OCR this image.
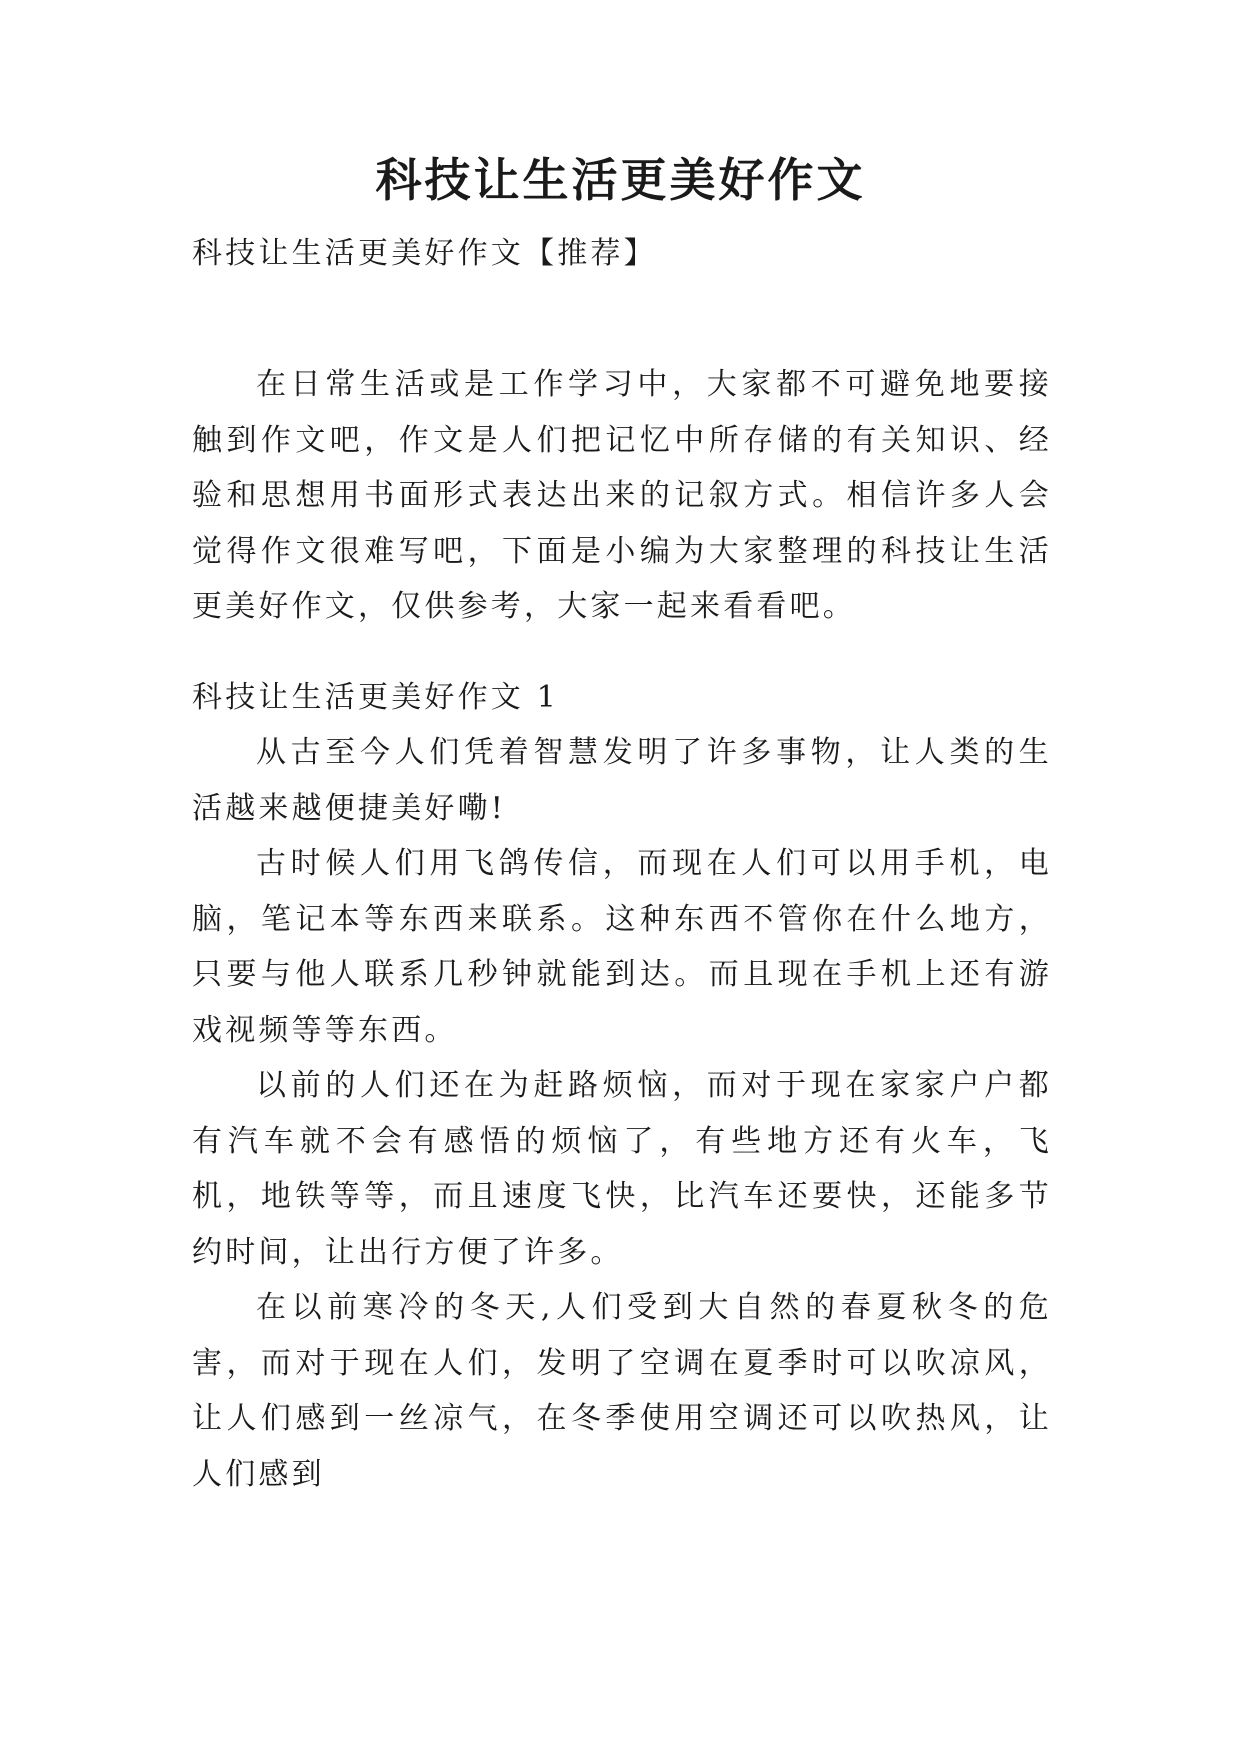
科技让生活更美好作文

科技让生活更美好作文【推荐】

在日常生活或是工作学习中，大家都不可避免地要接触到作文吧，作文是人们把记忆中所存储的有关知识、经验和思想用书面形式表达出来的记叙方式。相信许多人会觉得作文很难写吧，下面是小编为大家整理的科技让生活更美好作文，仅供参考，大家一起来看看吧。

科技让生活更美好作文 1

从古至今人们凭着智慧发明了许多事物，让人类的生活越来越便捷美好嘞!

古时候人们用飞鸽传信，而现在人们可以用手机，电脑，笔记本等东西来联系。这种东西不管你在什么地方，只要与他人联系几秒钟就能到达。而且现在手机上还有游戏视频等等东西。

以前的人们还在为赶路烦恼，而对于现在家家户户都有汽车就不会有感悟的烦恼了，有些地方还有火车，飞机，地铁等等，而且速度飞快，比汽车还要快，还能多节约时间，让出行方便了许多。

在以前寒冷的冬天,人们受到大自然的春夏秋冬的危害，而对于现在人们，发明了空调在夏季时可以吹凉风，让人们感到一丝凉气，在冬季使用空调还可以吹热风，让人们感到
